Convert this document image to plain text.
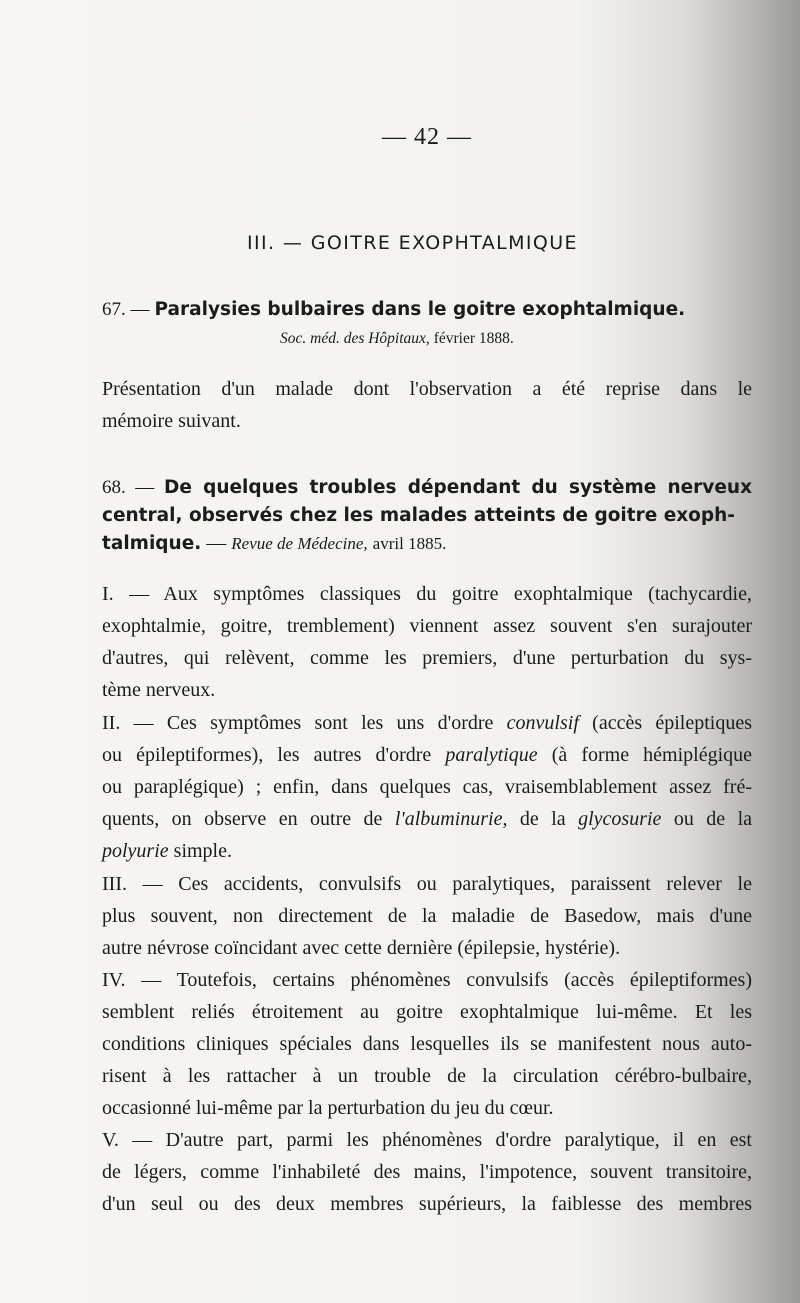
— 42 —
III. — GOITRE EXOPHTALMIQUE
67. — Paralysies bulbaires dans le goitre exophtalmique.
Soc. méd. des Hôpitaux, février 1888.
Présentation d'un malade dont l'observation a été reprise dans le
mémoire suivant.
68. — De quelques troubles dépendant du système nerveux
central, observés chez les malades atteints de goitre exoph-
talmique. — Revue de Médecine, avril 1885.
I. — Aux symptômes classiques du goitre exophtalmique (tachycardie,
exophtalmie, goitre, tremblement) viennent assez souvent s'en surajouter
d'autres, qui relèvent, comme les premiers, d'une perturbation du sys-
tème nerveux.
II. — Ces symptômes sont les uns d'ordre convulsif (accès épileptiques
ou épileptiformes), les autres d'ordre paralytique (à forme hémiplégique
ou paraplégique) ; enfin, dans quelques cas, vraisemblablement assez fré-
quents, on observe en outre de l'albuminurie, de la glycosurie ou de la
polyurie simple.
III. — Ces accidents, convulsifs ou paralytiques, paraissent relever le
plus souvent, non directement de la maladie de Basedow, mais d'une
autre névrose coïncidant avec cette dernière (épilepsie, hystérie).
IV. — Toutefois, certains phénomènes convulsifs (accès épileptiformes)
semblent reliés étroitement au goitre exophtalmique lui-même. Et les
conditions cliniques spéciales dans lesquelles ils se manifestent nous auto-
risent à les rattacher à un trouble de la circulation cérébro-bulbaire,
occasionné lui-même par la perturbation du jeu du cœur.
V. — D'autre part, parmi les phénomènes d'ordre paralytique, il en est
de légers, comme l'inhabileté des mains, l'impotence, souvent transitoire,
d'un seul ou des deux membres supérieurs, la faiblesse des membres
